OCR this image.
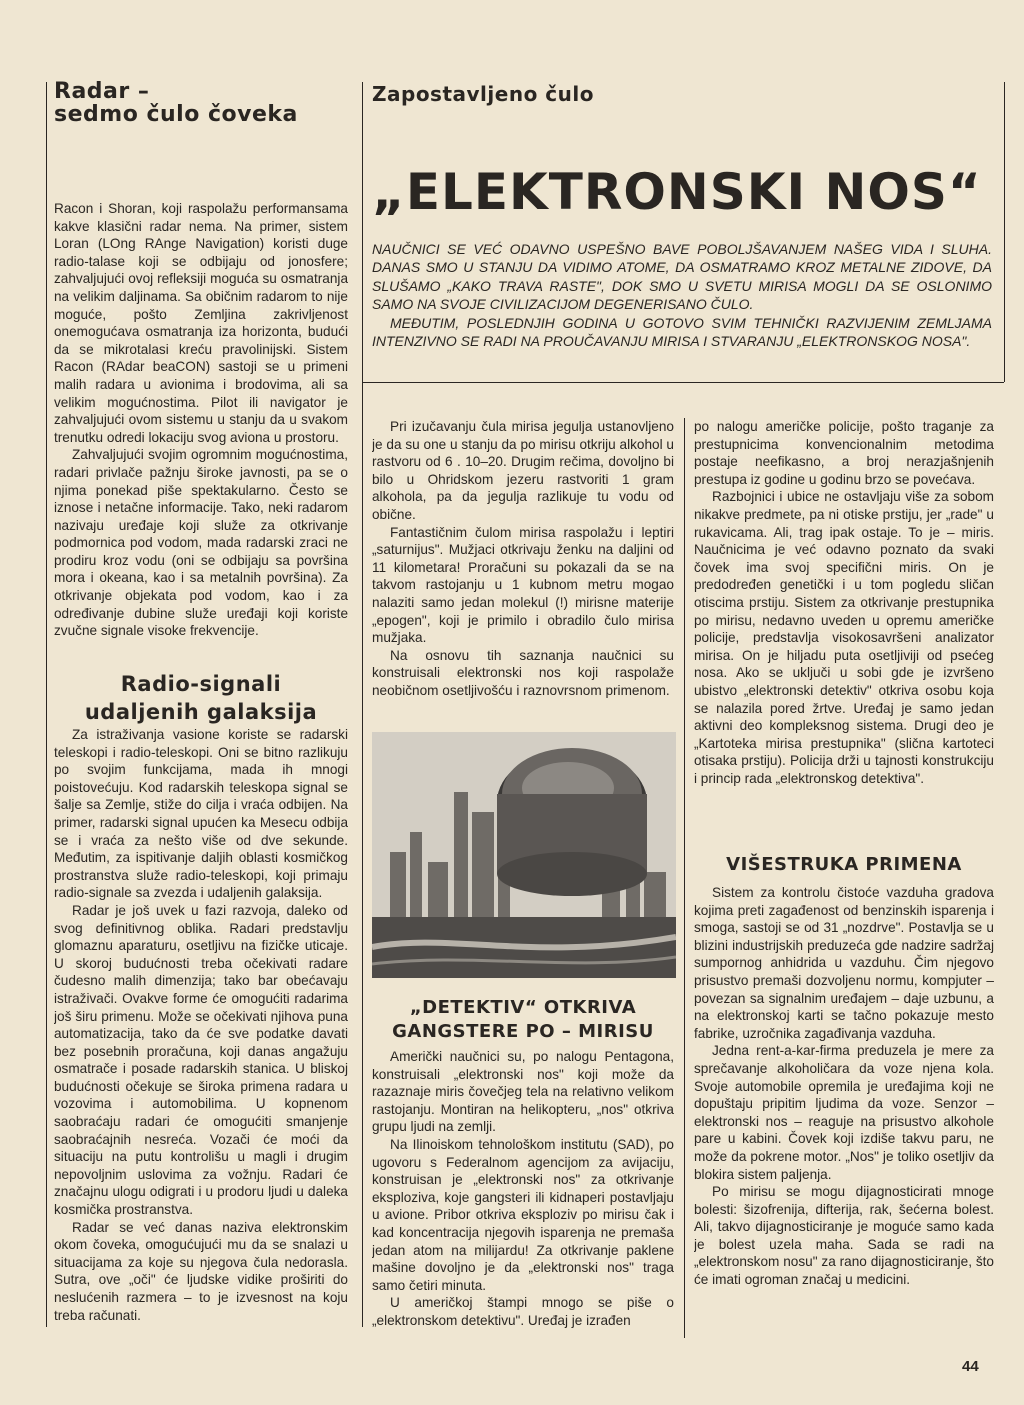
Radar –
sedmo čulo čoveka

Racon i Shoran, koji raspolažu performansama kakve klasični radar nema. Na primer, sistem Loran (LOng RAnge Navigation) koristi duge radio-talase koji se odbijaju od jonosfere; zahvaljujući ovoj refleksiji moguća su osmatranja na velikim daljinama. Sa običnim radarom to nije moguće, pošto Zemljina zakrivljenost onemogućava osmatranja iza horizonta, budući da se mikrotalasi kreću pravolinijski. Sistem Racon (RAdar beaCON) sastoji se u primeni malih radara u avionima i brodovima, ali sa velikim mogućnostima. Pilot ili navigator je zahvaljujući ovom sistemu u stanju da u svakom trenutku odredi lokaciju svog aviona u prostoru.

Zahvaljujući svojim ogromnim mogućnostima, radari privlače pažnju široke javnosti, pa se o njima ponekad piše spektakularno. Često se iznose i netačne informacije. Tako, neki radarom nazivaju uređaje koji služe za otkrivanje podmornica pod vodom, mada radarski zraci ne prodiru kroz vodu (oni se odbijaju sa površina mora i okeana, kao i sa metalnih površina). Za otkrivanje objekata pod vodom, kao i za određivanje dubine služe uređaji koji koriste zvučne signale visoke frekvencije.

Radio-signali
udaljenih galaksija

Za istraživanja vasione koriste se radarski teleskopi i radio-teleskopi. Oni se bitno razlikuju po svojim funkcijama, mada ih mnogi poistovećuju. Kod radarskih teleskopa signal se šalje sa Zemlje, stiže do cilja i vraća odbijen. Na primer, radarski signal upućen ka Mesecu odbija se i vraća za nešto više od dve sekunde. Međutim, za ispitivanje daljih oblasti kosmičkog prostranstva služe radio-teleskopi, koji primaju radio-signale sa zvezda i udaljenih galaksija.

Radar je još uvek u fazi razvoja, daleko od svog definitivnog oblika. Radari predstavlju glomaznu aparaturu, osetljivu na fizičke uticaje. U skoroj budućnosti treba očekivati radare čudesno malih dimenzija; tako bar obećavaju istraživači. Ovakve forme će omogućiti radarima još širu primenu. Može se očekivati njihova puna automatizacija, tako da će sve podatke davati bez posebnih proračuna, koji danas angažuju osmatrače i posade radarskih stanica. U bliskoj budućnosti očekuje se široka primena radara u vozovima i automobilima. U kopnenom saobraćaju radari će omogućiti smanjenje saobraćajnih nesreća. Vozači će moći da situaciju na putu kontrolišu u magli i drugim nepovoljnim uslovima za vožnju. Radari će značajnu ulogu odigrati i u prodoru ljudi u daleka kosmička prostranstva.

Radar se već danas naziva elektronskim okom čoveka, omogućujući mu da se snalazi u situacijama za koje su njegova čula nedorasla. Sutra, ove „oči" će ljudske vidike proširiti do neslućenih razmera – to je izvesnost na koju treba računati.

Zapostavljeno čulo
„ELEKTRONSKI NOS“

NAUČNICI SE VEĆ ODAVNO USPEŠNO BAVE POBOLJŠAVANJEM NAŠEG VIDA I SLUHA. DANAS SMO U STANJU DA VIDIMO ATOME, DA OSMATRAMO KROZ METALNE ZIDOVE, DA SLUŠAMO „KAKO TRAVA RASTE", DOK SMO U SVETU MIRISA MOGLI DA SE OSLONIMO SAMO NA SVOJE CIVILIZACIJOM DEGENERISANO ČULO.

MEĐUTIM, POSLEDNJIH GODINA U GOTOVO SVIM TEHNIČKI RAZVIJENIM ZEMLJAMA INTENZIVNO SE RADI NA PROUČAVANJU MIRISA I STVARANJU „ELEKTRONSKOG NOSA".

Pri izučavanju čula mirisa jegulja ustanovljeno je da su one u stanju da po mirisu otkriju alkohol u rastvoru od 6 . 10–20. Drugim rečima, dovoljno bi bilo u Ohridskom jezeru rastvoriti 1 gram alkohola, pa da jegulja razlikuje tu vodu od obične.

Fantastičnim čulom mirisa raspolažu i leptiri „saturnijus". Mužjaci otkrivaju ženku na daljini od 11 kilometara! Proračuni su pokazali da se na takvom rastojanju u 1 kubnom metru mogao nalaziti samo jedan molekul (!) mirisne materije „epogen", koji je primilo i obradilo čulo mirisa mužjaka.

Na osnovu tih saznanja naučnici su konstruisali elektronski nos koji raspolaže neobičnom osetljivošću i raznovrsnom primenom.

„DETEKTIV“ OTKRIVA
GANGSTERE PO – MIRISU

Američki naučnici su, po nalogu Pentagona, konstruisali „elektronski nos" koji može da razaznaje miris čovečjeg tela na relativno velikom rastojanju. Montiran na helikopteru, „nos" otkriva grupu ljudi na zemlji.

Na Ilinoiskom tehnološkom institutu (SAD), po ugovoru s Federalnom agencijom za avijaciju, konstruisan je „elektronski nos" za otkrivanje eksploziva, koje gangsteri ili kidnaperi postavljaju u avione. Pribor otkriva eksploziv po mirisu čak i kad koncentracija njegovih isparenja ne premaša jedan atom na milijardu! Za otkrivanje paklene mašine dovoljno je da „elektronski nos" traga samo četiri minuta.

U američkoj štampi mnogo se piše o „elektronskom detektivu". Uređaj je izrađen

po nalogu američke policije, pošto traganje za prestupnicima konvencionalnim metodima postaje neefikasno, a broj nerazjašnjenih prestupa iz godine u godinu brzo se povećava.

Razbojnici i ubice ne ostavljaju više za sobom nikakve predmete, pa ni otiske prstiju, jer „rade" u rukavicama. Ali, trag ipak ostaje. To je – miris. Naučnicima je već odavno poznato da svaki čovek ima svoj specifični miris. On je predodređen genetički i u tom pogledu sličan otiscima prstiju. Sistem za otkrivanje prestupnika po mirisu, nedavno uveden u opremu američke policije, predstavlja visokosavršeni analizator mirisa. On je hiljadu puta osetljiviji od psećeg nosa. Ako se uključi u sobi gde je izvršeno ubistvo „elektronski detektiv" otkriva osobu koja se nalazila pored žrtve. Uređaj je samo jedan aktivni deo kompleksnog sistema. Drugi deo je „Kartoteka mirisa prestupnika" (slična kartoteci otisaka prstiju). Policija drži u tajnosti konstrukciju i princip rada „elektronskog detektiva".

VIŠESTRUKA PRIMENA

Sistem za kontrolu čistoće vazduha gradova kojima preti zagađenost od benzinskih isparenja i smoga, sastoji se od 31 „nozdrve". Postavlja se u blizini industrijskih preduzeća gde nadzire sadržaj sumpornog anhidrida u vazduhu. Čim njegovo prisustvo premaši dozvoljenu normu, kompjuter – povezan sa signalnim uređajem – daje uzbunu, a na elektronskoj karti se tačno pokazuje mesto fabrike, uzročnika zagađivanja vazduha.

Jedna rent-a-kar-firma preduzela je mere za sprečavanje alkoholičara da voze njena kola. Svoje automobile opremila je uređajima koji ne dopuštaju pripitim ljudima da voze. Senzor – elektronski nos – reaguje na prisustvo alkohole pare u kabini. Čovek koji izdiše takvu paru, ne može da pokrene motor. „Nos" je toliko osetljiv da blokira sistem paljenja.

Po mirisu se mogu dijagnosticirati mnoge bolesti: šizofrenija, difterija, rak, šećerna bolest. Ali, takvo dijagnosticiranje je moguće samo kada je bolest uzela maha. Sada se radi na „elektronskom nosu" za rano dijagnosticiranje, što će imati ogroman značaj u medicini.

44
